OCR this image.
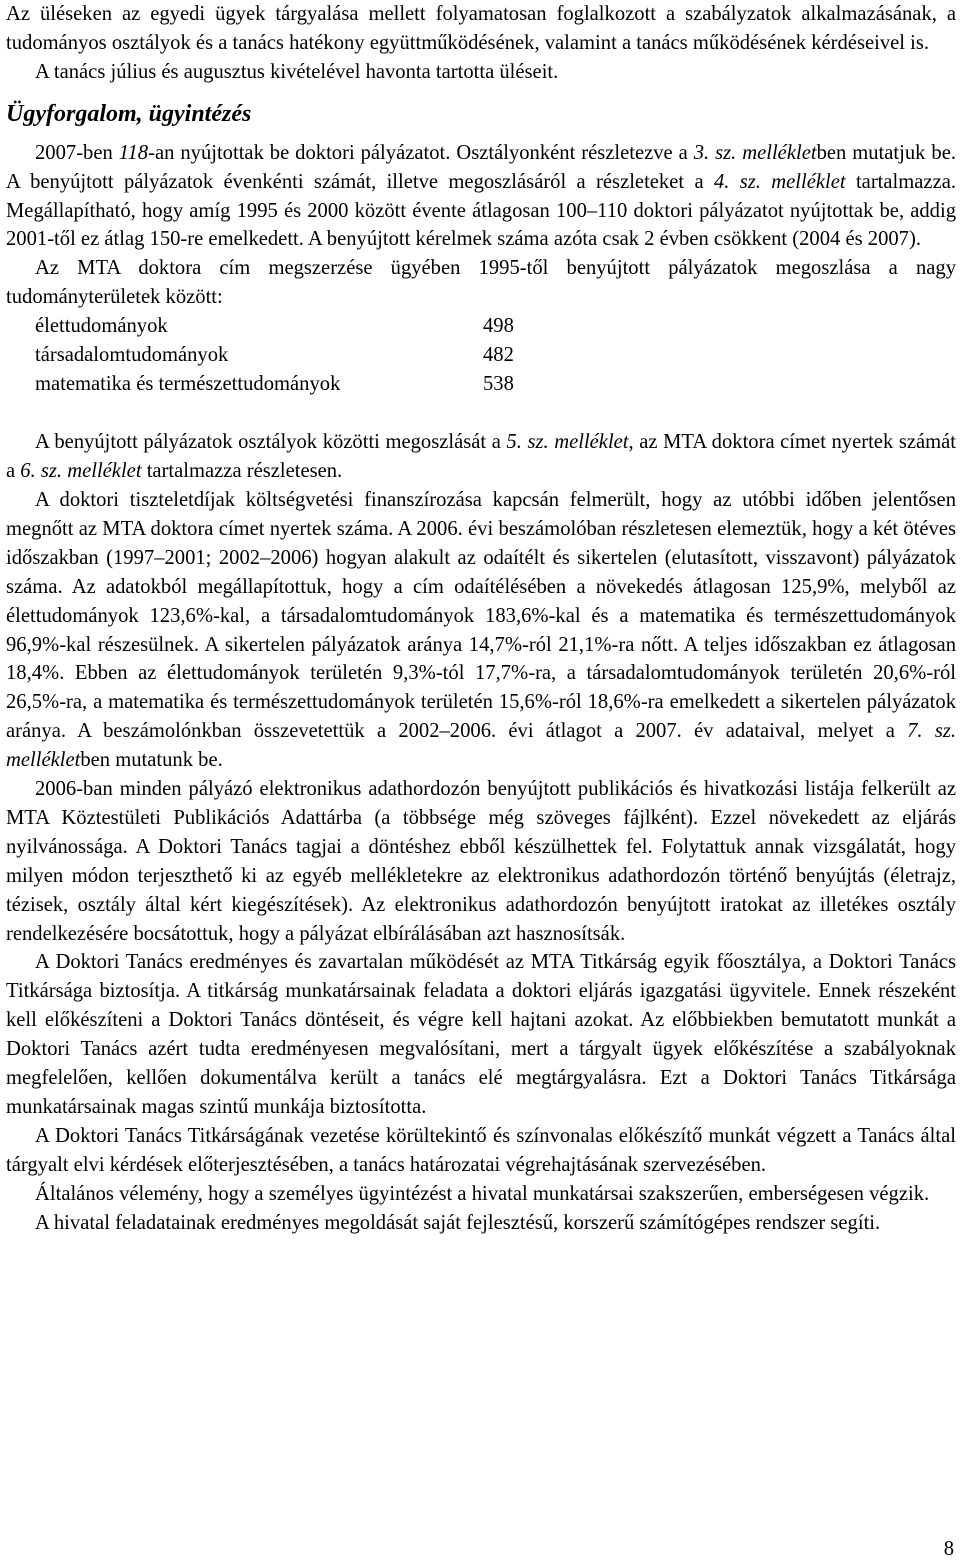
Az üléseken az egyedi ügyek tárgyalása mellett folyamatosan foglalkozott a szabályzatok alkalmazásának, a tudományos osztályok és a tanács hatékony együttműködésének, valamint a tanács működésének kérdéseivel is.

A tanács július és augusztus kivételével havonta tartotta üléseit.

Ügyforgalom, ügyintézés

2007-ben 118-an nyújtottak be doktori pályázatot. Osztályonként részletezve a 3. sz. mellékletben mutatjuk be. A benyújtott pályázatok évenkénti számát, illetve megoszlásáról a részleteket a 4. sz. melléklet tartalmazza. Megállapítható, hogy amíg 1995 és 2000 között évente átlagosan 100–110 doktori pályázatot nyújtottak be, addig 2001-től ez átlag 150-re emelkedett. A benyújtott kérelmek száma azóta csak 2 évben csökkent (2004 és 2007).

Az MTA doktora cím megszerzése ügyében 1995-től benyújtott pályázatok megoszlása a nagy tudományterületek között:

élettudományok	498
társadalomtudományok	482
matematika és természettudományok	538

A benyújtott pályázatok osztályok közötti megoszlását a 5. sz. melléklet, az MTA doktora címet nyertek számát a 6. sz. melléklet tartalmazza részletesen.

A doktori tiszteletdíjak költségvetési finanszírozása kapcsán felmerült, hogy az utóbbi időben jelentősen megnőtt az MTA doktora címet nyertek száma. A 2006. évi beszámolóban részletesen elemeztük, hogy a két ötéves időszakban (1997–2001; 2002–2006) hogyan alakult az odaítélt és sikertelen (elutasított, visszavont) pályázatok száma. Az adatokból megállapítottuk, hogy a cím odaítélésében a növekedés átlagosan 125,9%, melyből az élettudományok 123,6%-kal, a társadalomtudományok 183,6%-kal és a matematika és természettudományok 96,9%-kal részesülnek. A sikertelen pályázatok aránya 14,7%-ról 21,1%-ra nőtt. A teljes időszakban ez átlagosan 18,4%. Ebben az élettudományok területén 9,3%-tól 17,7%-ra, a társadalomtudományok területén 20,6%-ról 26,5%-ra, a matematika és természettudományok területén 15,6%-ról 18,6%-ra emelkedett a sikertelen pályázatok aránya. A beszámolónkban összevetettük a 2002–2006. évi átlagot a 2007. év adataival, melyet a 7. sz. mellékletben mutatunk be.

2006-ban minden pályázó elektronikus adathordozón benyújtott publikációs és hivatkozási listája felkerült az MTA Köztestületi Publikációs Adattárba (a többsége még szöveges fájlként). Ezzel növekedett az eljárás nyilvánossága. A Doktori Tanács tagjai a döntéshez ebből készülhettek fel. Folytattuk annak vizsgálatát, hogy milyen módon terjeszthető ki az egyéb mellékletekre az elektronikus adathordozón történő benyújtás (életrajz, tézisek, osztály által kért kiegészítések). Az elektronikus adathordozón benyújtott iratokat az illetékes osztály rendelkezésére bocsátottuk, hogy a pályázat elbírálásában azt hasznosítsák.

A Doktori Tanács eredményes és zavartalan működését az MTA Titkárság egyik főosztálya, a Doktori Tanács Titkársága biztosítja. A titkárság munkatársainak feladata a doktori eljárás igazgatási ügyvitele. Ennek részeként kell előkészíteni a Doktori Tanács döntéseit, és végre kell hajtani azokat. Az előbbiekben bemutatott munkát a Doktori Tanács azért tudta eredményesen megvalósítani, mert a tárgyalt ügyek előkészítése a szabályoknak megfelelően, kellően dokumentálva került a tanács elé megtárgyalásra. Ezt a Doktori Tanács Titkársága munkatársainak magas szintű munkája biztosította.

A Doktori Tanács Titkárságának vezetése körültekintő és színvonalas előkészítő munkát végzett a Tanács által tárgyalt elvi kérdések előterjesztésében, a tanács határozatai végrehajtásának szervezésében.

Általános vélemény, hogy a személyes ügyintézést a hivatal munkatársai szakszerűen, emberségesen végzik.

A hivatal feladatainak eredményes megoldását saját fejlesztésű, korszerű számítógépes rendszer segíti.

8
